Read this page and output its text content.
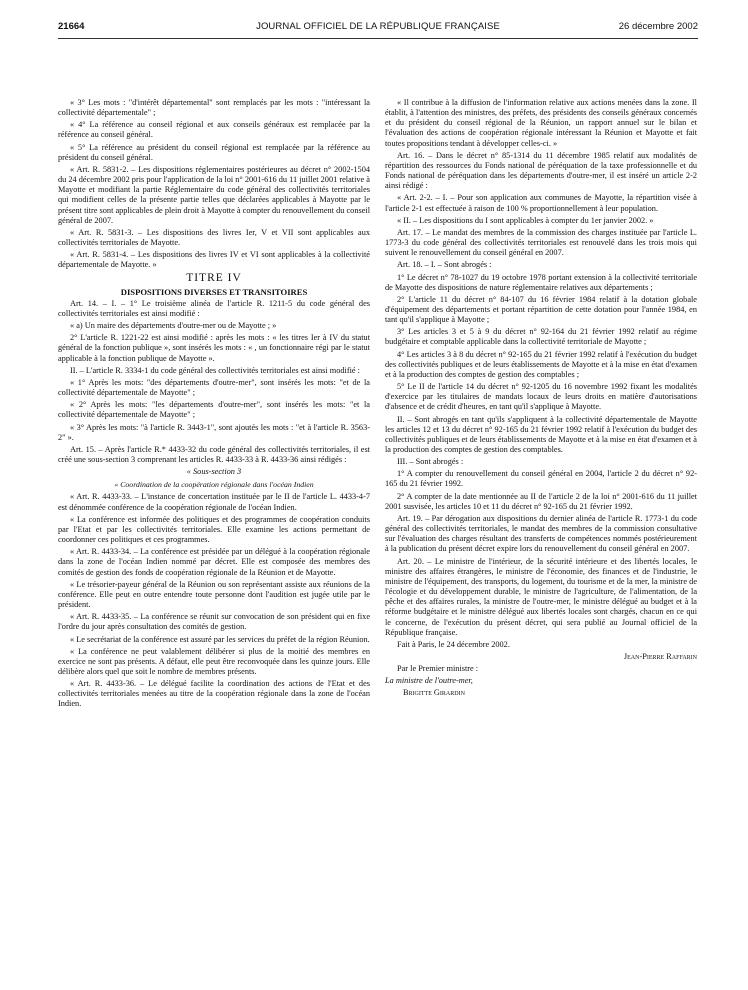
21664	JOURNAL OFFICIEL DE LA RÉPUBLIQUE FRANÇAISE	26 décembre 2002

« 3° Les mots : "d'intérêt départemental" sont remplacés par les mots : "intéressant la collectivité départementale" ;

« 4° La référence au conseil régional et aux conseils généraux est remplacée par la référence au conseil général.

« 5° La référence au président du conseil régional est remplacée par la référence au président du conseil général.

« Art. R. 5831-2. – Les dispositions réglementaires postérieures au décret n° 2002-1504 du 24 décembre 2002 pris pour l'application de la loi n° 2001-616 du 11 juillet 2001 relative à Mayotte et modifiant la partie Réglementaire du code général des collectivités territoriales qui modifient celles de la présente partie telles que déclarées applicables à Mayotte par le présent titre sont applicables de plein droit à Mayotte à compter du renouvellement du conseil général de 2007.

« Art. R. 5831-3. – Les dispositions des livres Ier, V et VII sont applicables aux collectivités territoriales de Mayotte.

« Art. R. 5831-4. – Les dispositions des livres IV et VI sont applicables à la collectivité départementale de Mayotte. »

TITRE IV

DISPOSITIONS DIVERSES ET TRANSITOIRES

Art. 14. – I. – 1° Le troisième alinéa de l'article R. 1211-5 du code général des collectivités territoriales est ainsi modifié :

« a) Un maire des départements d'outre-mer ou de Mayotte ; »

2° L'article R. 1221-22 est ainsi modifié : après les mots : « les titres Ier à IV du statut général de la fonction publique », sont insérés les mots : « , un fonctionnaire régi par le statut applicable à la fonction publique de Mayotte ».

II. – L'article R. 3334-1 du code général des collectivités territoriales est ainsi modifié :

« 1° Après les mots: "des départements d'outre-mer", sont insérés les mots: "et de la collectivité départementale de Mayotte" ;

« 2° Après les mots: "les départements d'outre-mer", sont insérés les mots: "et la collectivité départementale de Mayotte" ;

« 3° Après les mots: "à l'article R. 3443-1", sont ajoutés les mots : "et à l'article R. 3563-2" ».

Art. 15. – Après l'article R.* 4433-32 du code général des collectivités territoriales, il est créé une sous-section 3 comprenant les articles R. 4433-33 à R. 4433-36 ainsi rédigés :

« Sous-section 3

« Coordination de la coopération régionale dans l'océan Indien

« Art. R. 4433-33. – L'instance de concertation instituée par le II de l'article L. 4433-4-7 est dénommée conférence de la coopération régionale de l'océan Indien.

« La conférence est informée des politiques et des programmes de coopération conduits par l'Etat et par les collectivités territoriales. Elle examine les actions permettant de coordonner ces politiques et ces programmes.

« Art. R. 4433-34. – La conférence est présidée par un délégué à la coopération régionale dans la zone de l'océan Indien nommé par décret. Elle est composée des membres des comités de gestion des fonds de coopération régionale de la Réunion et de Mayotte.

« Le trésorier-payeur général de la Réunion ou son représentant assiste aux réunions de la conférence. Elle peut en outre entendre toute personne dont l'audition est jugée utile par le président.

« Art. R. 4433-35. – La conférence se réunit sur convocation de son président qui en fixe l'ordre du jour après consultation des comités de gestion.

« Le secrétariat de la conférence est assuré par les services du préfet de la région Réunion.

« La conférence ne peut valablement délibérer si plus de la moitié des membres en exercice ne sont pas présents. A défaut, elle peut être reconvoquée dans les quinze jours. Elle délibère alors quel que soit le nombre de membres présents.

« Art. R. 4433-36. – Le délégué facilite la coordination des actions de l'Etat et des collectivités territoriales menées au titre de la coopération régionale dans la zone de l'océan Indien.

« Il contribue à la diffusion de l'information relative aux actions menées dans la zone. Il établit, à l'attention des ministres, des préfets, des présidents des conseils généraux concernés et du président du conseil régional de la Réunion, un rapport annuel sur le bilan et l'évaluation des actions de coopération régionale intéressant la Réunion et Mayotte et fait toutes propositions tendant à développer celles-ci. »

Art. 16. – Dans le décret n° 85-1314 du 11 décembre 1985 relatif aux modalités de répartition des ressources du Fonds national de péréquation de la taxe professionnelle et du Fonds national de péréquation dans les départements d'outre-mer, il est inséré un article 2-2 ainsi rédigé :

« Art. 2-2. – I. – Pour son application aux communes de Mayotte, la répartition visée à l'article 2-1 est effectuée à raison de 100 % proportionnellement à leur population.

« II. – Les dispositions du I sont applicables à compter du 1er janvier 2002. »

Art. 17. – Le mandat des membres de la commission des charges instituée par l'article L. 1773-3 du code général des collectivités territoriales est renouvelé dans les trois mois qui suivent le renouvellement du conseil général en 2007.

Art. 18. – I. – Sont abrogés :

1° Le décret n° 78-1027 du 19 octobre 1978 portant extension à la collectivité territoriale de Mayotte des dispositions de nature réglementaire relatives aux départements ;

2° L'article 11 du décret n° 84-107 du 16 février 1984 relatif à la dotation globale d'équipement des départements et portant répartition de cette dotation pour l'année 1984, en tant qu'il s'applique à Mayotte ;

3° Les articles 3 et 5 à 9 du décret n° 92-164 du 21 février 1992 relatif au régime budgétaire et comptable applicable dans la collectivité territoriale de Mayotte ;

4° Les articles 3 à 8 du décret n° 92-165 du 21 février 1992 relatif à l'exécution du budget des collectivités publiques et de leurs établissements de Mayotte et à la mise en état d'examen et à la production des comptes de gestion des comptables ;

5° Le II de l'article 14 du décret n° 92-1205 du 16 novembre 1992 fixant les modalités d'exercice par les titulaires de mandats locaux de leurs droits en matière d'autorisations d'absence et de crédit d'heures, en tant qu'il s'applique à Mayotte.

II. – Sont abrogés en tant qu'ils s'appliquent à la collectivité départementale de Mayotte les articles 12 et 13 du décret n° 92-165 du 21 février 1992 relatif à l'exécution du budget des collectivités publiques et de leurs établissements de Mayotte et à la mise en état d'examen et à la production des comptes de gestion des comptables.

III. – Sont abrogés :

1° A compter du renouvellement du conseil général en 2004, l'article 2 du décret n° 92-165 du 21 février 1992.

2° A compter de la date mentionnée au II de l'article 2 de la loi n° 2001-616 du 11 juillet 2001 susvisée, les articles 10 et 11 du décret n° 92-165 du 21 février 1992.

Art. 19. – Par dérogation aux dispositions du dernier alinéa de l'article R. 1773-1 du code général des collectivités territoriales, le mandat des membres de la commission consultative sur l'évaluation des charges résultant des transferts de compétences nommés postérieurement à la publication du présent décret expire lors du renouvellement du conseil général en 2007.

Art. 20. – Le ministre de l'intérieur, de la sécurité intérieure et des libertés locales, le ministre des affaires étrangères, le ministre de l'économie, des finances et de l'industrie, le ministre de l'équipement, des transports, du logement, du tourisme et de la mer, la ministre de l'écologie et du développement durable, le ministre de l'agriculture, de l'alimentation, de la pêche et des affaires rurales, la ministre de l'outre-mer, le ministre délégué au budget et à la réforme budgétaire et le ministre délégué aux libertés locales sont chargés, chacun en ce qui le concerne, de l'exécution du présent décret, qui sera publié au Journal officiel de la République française.

Fait à Paris, le 24 décembre 2002.

Jean-Pierre Raffarin

Par le Premier ministre :

La ministre de l'outre-mer,

Brigitte Girardin
